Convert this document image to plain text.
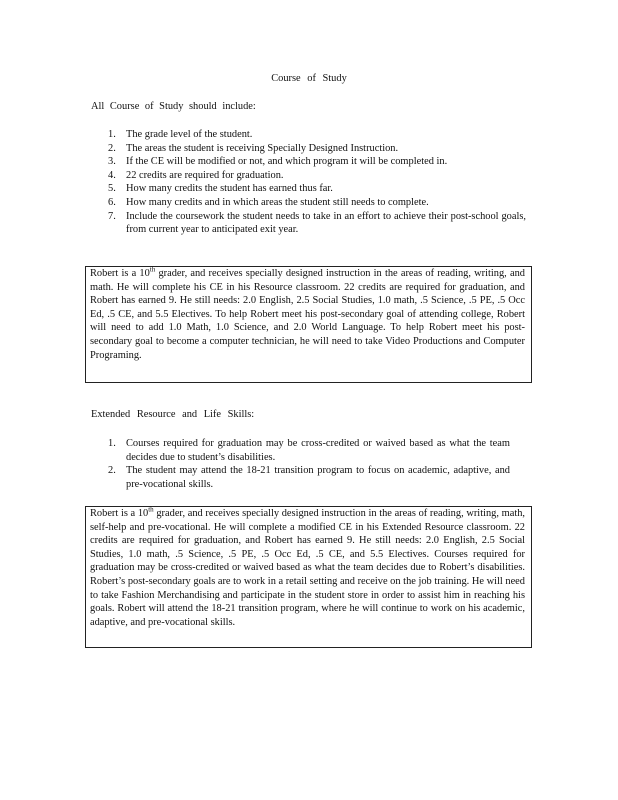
Course of Study
All Course of Study should include:
1. The grade level of the student.
2. The areas the student is receiving Specially Designed Instruction.
3. If the CE will be modified or not, and which program it will be completed in.
4. 22 credits are required for graduation.
5. How many credits the student has earned thus far.
6. How many credits and in which areas the student still needs to complete.
7. Include the coursework the student needs to take in an effort to achieve their post-school goals, from current year to anticipated exit year.
Robert is a 10th grader, and receives specially designed instruction in the areas of reading, writing, and math. He will complete his CE in his Resource classroom. 22 credits are required for graduation, and Robert has earned 9. He still needs: 2.0 English, 2.5 Social Studies, 1.0 math, .5 Science, .5 PE, .5 Occ Ed, .5 CE, and 5.5 Electives. To help Robert meet his post-secondary goal of attending college, Robert will need to add 1.0 Math, 1.0 Science, and 2.0 World Language. To help Robert meet his post-secondary goal to become a computer technician, he will need to take Video Productions and Computer Programing.
Extended Resource and Life Skills:
1. Courses required for graduation may be cross-credited or waived based as what the team decides due to student’s disabilities.
2. The student may attend the 18-21 transition program to focus on academic, adaptive, and pre-vocational skills.
Robert is a 10th grader, and receives specially designed instruction in the areas of reading, writing, math, self-help and pre-vocational. He will complete a modified CE in his Extended Resource classroom. 22 credits are required for graduation, and Robert has earned 9. He still needs: 2.0 English, 2.5 Social Studies, 1.0 math, .5 Science, .5 PE, .5 Occ Ed, .5 CE, and 5.5 Electives. Courses required for graduation may be cross-credited or waived based as what the team decides due to Robert’s disabilities. Robert’s post-secondary goals are to work in a retail setting and receive on the job training. He will need to take Fashion Merchandising and participate in the student store in order to assist him in reaching his goals. Robert will attend the 18-21 transition program, where he will continue to work on his academic, adaptive, and pre-vocational skills.
